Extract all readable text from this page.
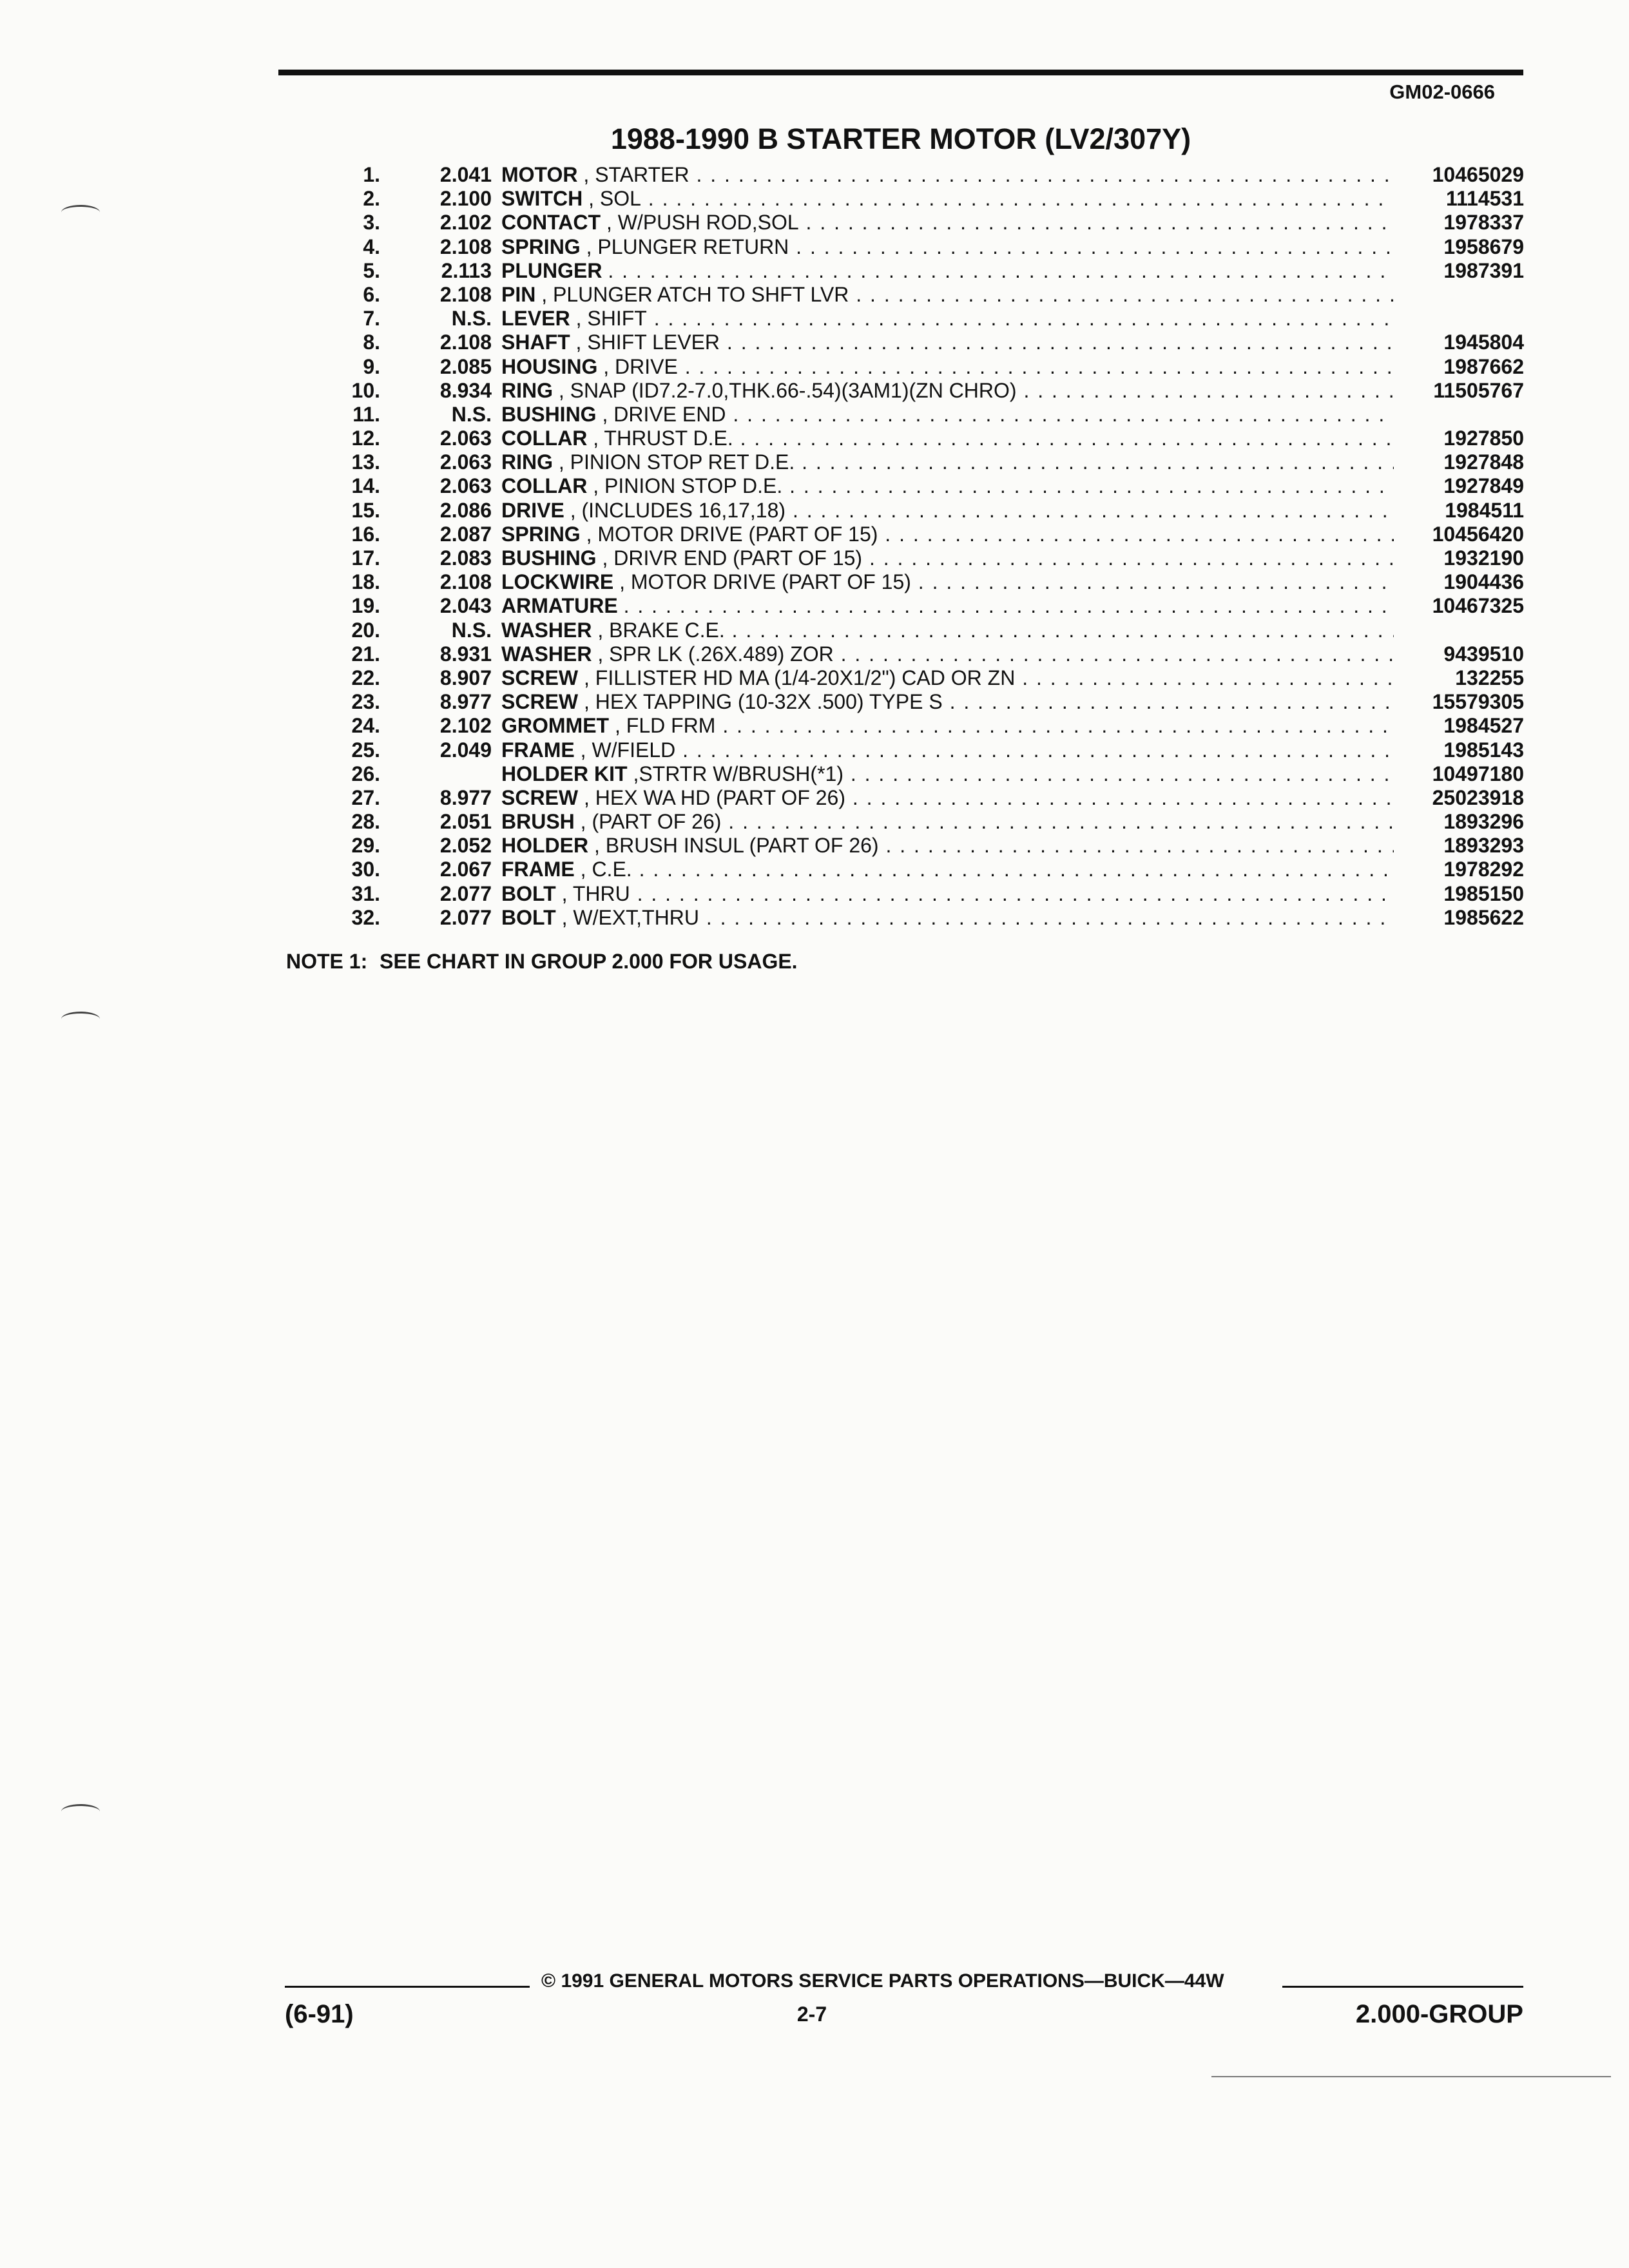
GM02-0666
1988-1990 B STARTER MOTOR (LV2/307Y)
1.	2.041 MOTOR , STARTER . . .	10465029
2.	2.100 SWITCH , SOL . . .	1114531
3.	2.102 CONTACT , W/PUSH ROD,SOL . . .	1978337
4.	2.108 SPRING , PLUNGER RETURN . . .	1958679
5.	2.113 PLUNGER . . .	1987391
6.	2.108 PIN , PLUNGER ATCH TO SHFT LVR . . .
7.	N.S. LEVER , SHIFT . . .
8.	2.108 SHAFT , SHIFT LEVER . . .	1945804
9.	2.085 HOUSING , DRIVE . . .	1987662
10.	8.934 RING , SNAP (ID7.2-7.0,THK.66-.54)(3AM1)(ZN CHRO) . . .	11505767
11.	N.S. BUSHING , DRIVE END . . .
12.	2.063 COLLAR , THRUST D.E. . . .	1927850
13.	2.063 RING , PINION STOP RET D.E. . . .	1927848
14.	2.063 COLLAR , PINION STOP D.E. . . .	1927849
15.	2.086 DRIVE , (INCLUDES 16,17,18) . . .	1984511
16.	2.087 SPRING , MOTOR DRIVE (PART OF 15) . . .	10456420
17.	2.083 BUSHING , DRIVR END (PART OF 15) . . .	1932190
18.	2.108 LOCKWIRE , MOTOR DRIVE (PART OF 15) . . .	1904436
19.	2.043 ARMATURE . . .	10467325
20.	N.S. WASHER , BRAKE C.E. . . .
21.	8.931 WASHER , SPR LK (.26X.489) ZOR . . .	9439510
22.	8.907 SCREW , FILLISTER HD MA (1/4-20X1/2") CAD OR ZN . . .	132255
23.	8.977 SCREW , HEX TAPPING (10-32X .500) TYPE S . . .	15579305
24.	2.102 GROMMET , FLD FRM . . .	1984527
25.	2.049 FRAME , W/FIELD . . .	1985143
26.	HOLDER KIT ,STRTR W/BRUSH(*1) . . .	10497180
27.	8.977 SCREW , HEX WA HD (PART OF 26) . . .	25023918
28.	2.051 BRUSH , (PART OF 26) . . .	1893296
29.	2.052 HOLDER , BRUSH INSUL (PART OF 26) . . .	1893293
30.	2.067 FRAME , C.E. . . .	1978292
31.	2.077 BOLT , THRU . . .	1985150
32.	2.077 BOLT , W/EXT,THRU . . .	1985622
NOTE 1: SEE CHART IN GROUP 2.000 FOR USAGE.
© 1991 GENERAL MOTORS SERVICE PARTS OPERATIONS—BUICK—44W
(6-91)	2-7	2.000-GROUP
